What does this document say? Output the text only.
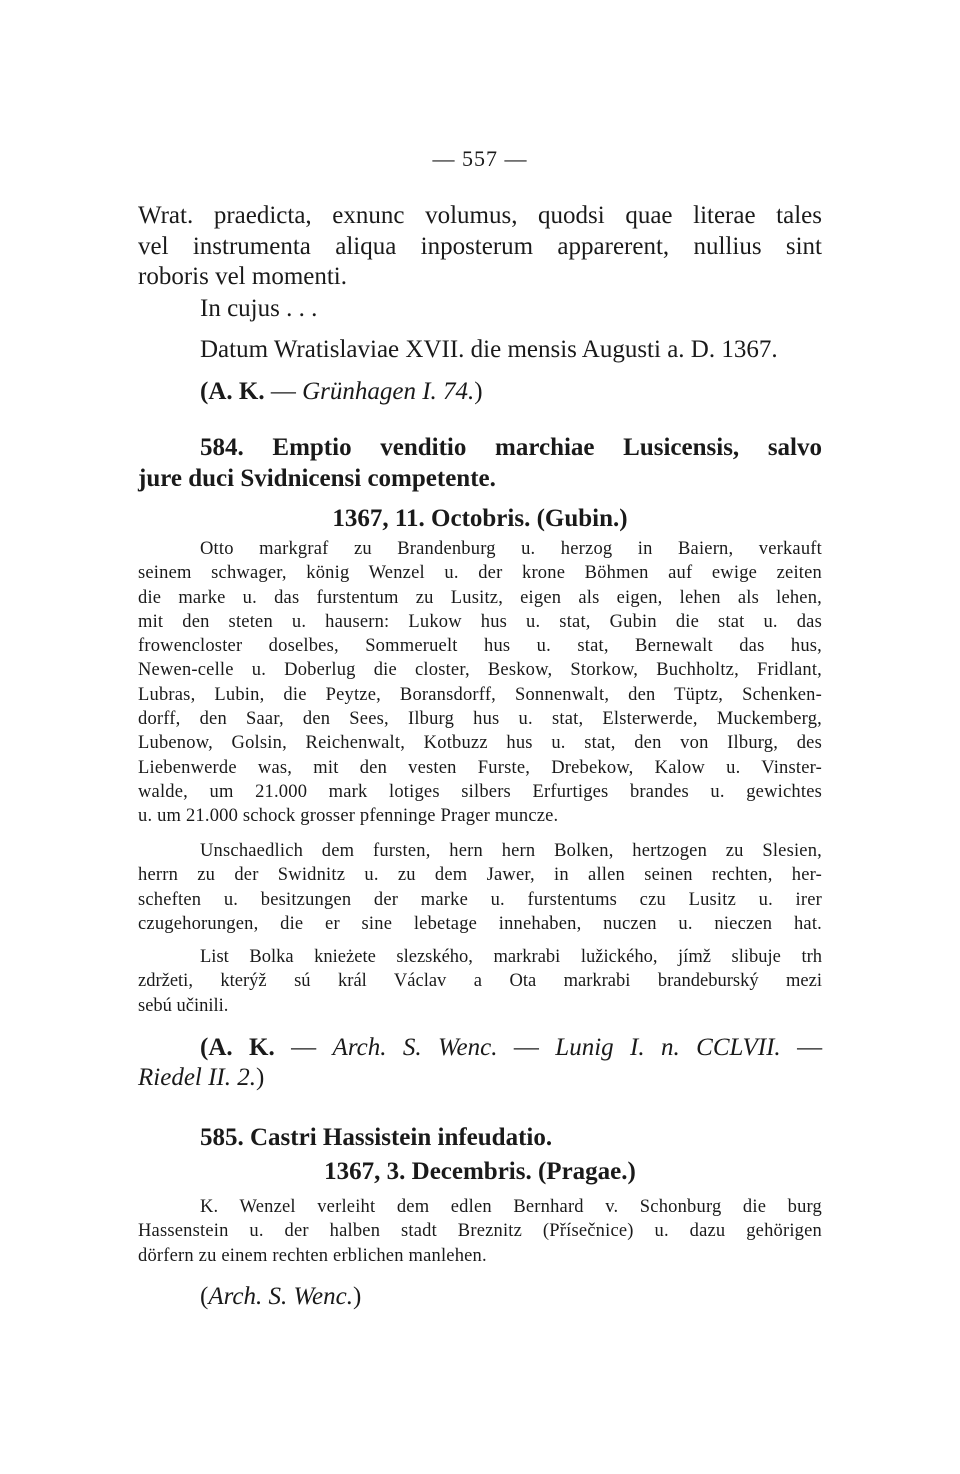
— 557 —
Wrat. praedicta, exnunc volumus, quodsi quae literae tales
vel instrumenta aliqua inposterum apparerent, nullius sint
roboris vel momenti.
In cujus . . .
Datum Wratislaviae XVII. die mensis Augusti a. D. 1367.
(A. K. — Grünhagen I. 74.)
584. Emptio venditio marchiae Lusicensis, salvo
jure duci Svidnicensi competente.
1367, 11. Octobris. (Gubin.)
Otto markgraf zu Brandenburg u. herzog in Baiern, verkauft
seinem schwager, könig Wenzel u. der krone Böhmen auf ewige zeiten
die marke u. das furstentum zu Lusitz, eigen als eigen, lehen als lehen,
mit den steten u. hausern: Lukow hus u. stat, Gubin die stat u. das
frowencloster doselbes, Sommeruelt hus u. stat, Bernewalt das hus,
Newen-celle u. Doberlug die closter, Beskow, Storkow, Buchholtz, Fridlant,
Lubras, Lubin, die Peytze, Boransdorff, Sonnenwalt, den Tüptz, Schenken-
dorff, den Saar, den Sees, Ilburg hus u. stat, Elsterwerde, Muckemberg,
Lubenow, Golsin, Reichenwalt, Kotbuzz hus u. stat, den von Ilburg, des
Liebenwerde was, mit den vesten Furste, Drebekow, Kalow u. Vinster-
walde, um 21.000 mark lotiges silbers Erfurtiges brandes u. gewichtes
u. um 21.000 schock grosser pfenninge Prager muncze.
Unschaedlich dem fursten, hern hern Bolken, hertzogen zu Slesien,
herrn zu der Swidnitz u. zu dem Jawer, in allen seinen rechten, her-
scheften u. besitzungen der marke u. furstentums czu Lusitz u. irer
czugehorungen, die er sine lebetage innehaben, nuczen u. nieczen hat.
List Bolka knieżete slezského, markrabi lužického, jímž slibuje trh
zdržeti, kterýž sú král Václav a Ota markrabi brandeburský mezi
sebú učinili.
(A. K. — Arch. S. Wenc. — Lunig I. n. CCLVII. —
Riedel II. 2.)
585. Castri Hassistein infeudatio.
1367, 3. Decembris. (Pragae.)
K. Wenzel verleiht dem edlen Bernhard v. Schonburg die burg
Hassenstein u. der halben stadt Breznitz (Přísečnice) u. dazu gehörigen
dörfern zu einem rechten erblichen manlehen.
(Arch. S. Wenc.)
